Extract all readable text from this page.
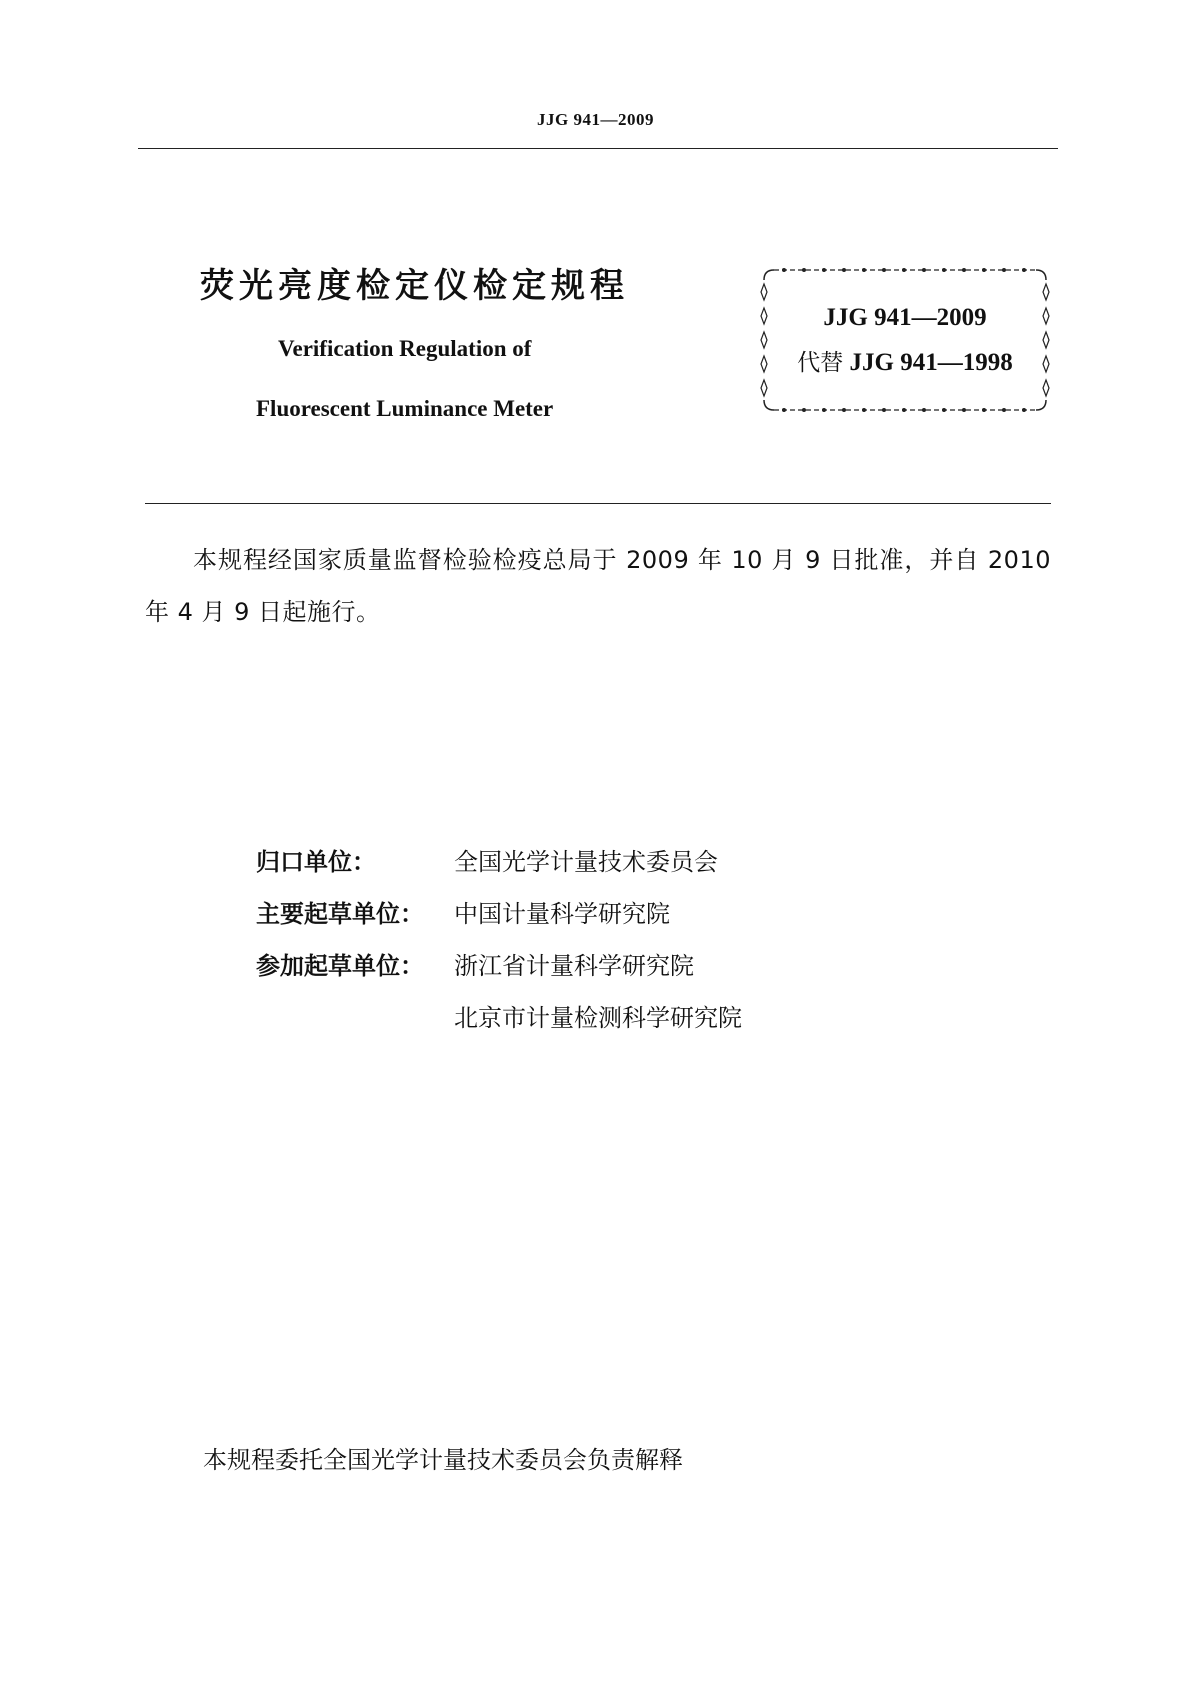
JJG 941—2009
荧光亮度检定仪检定规程
Verification Regulation of
Fluorescent Luminance Meter
JJG 941—2009
代替 JJG 941—1998
本规程经国家质量监督检验检疫总局于 2009 年 10 月 9 日批准，并自 2010 年 4 月 9 日起施行。
归口单位：	全国光学计量技术委员会
主要起草单位： 中国计量科学研究院
参加起草单位： 浙江省计量科学研究院
北京市计量检测科学研究院
本规程委托全国光学计量技术委员会负责解释
